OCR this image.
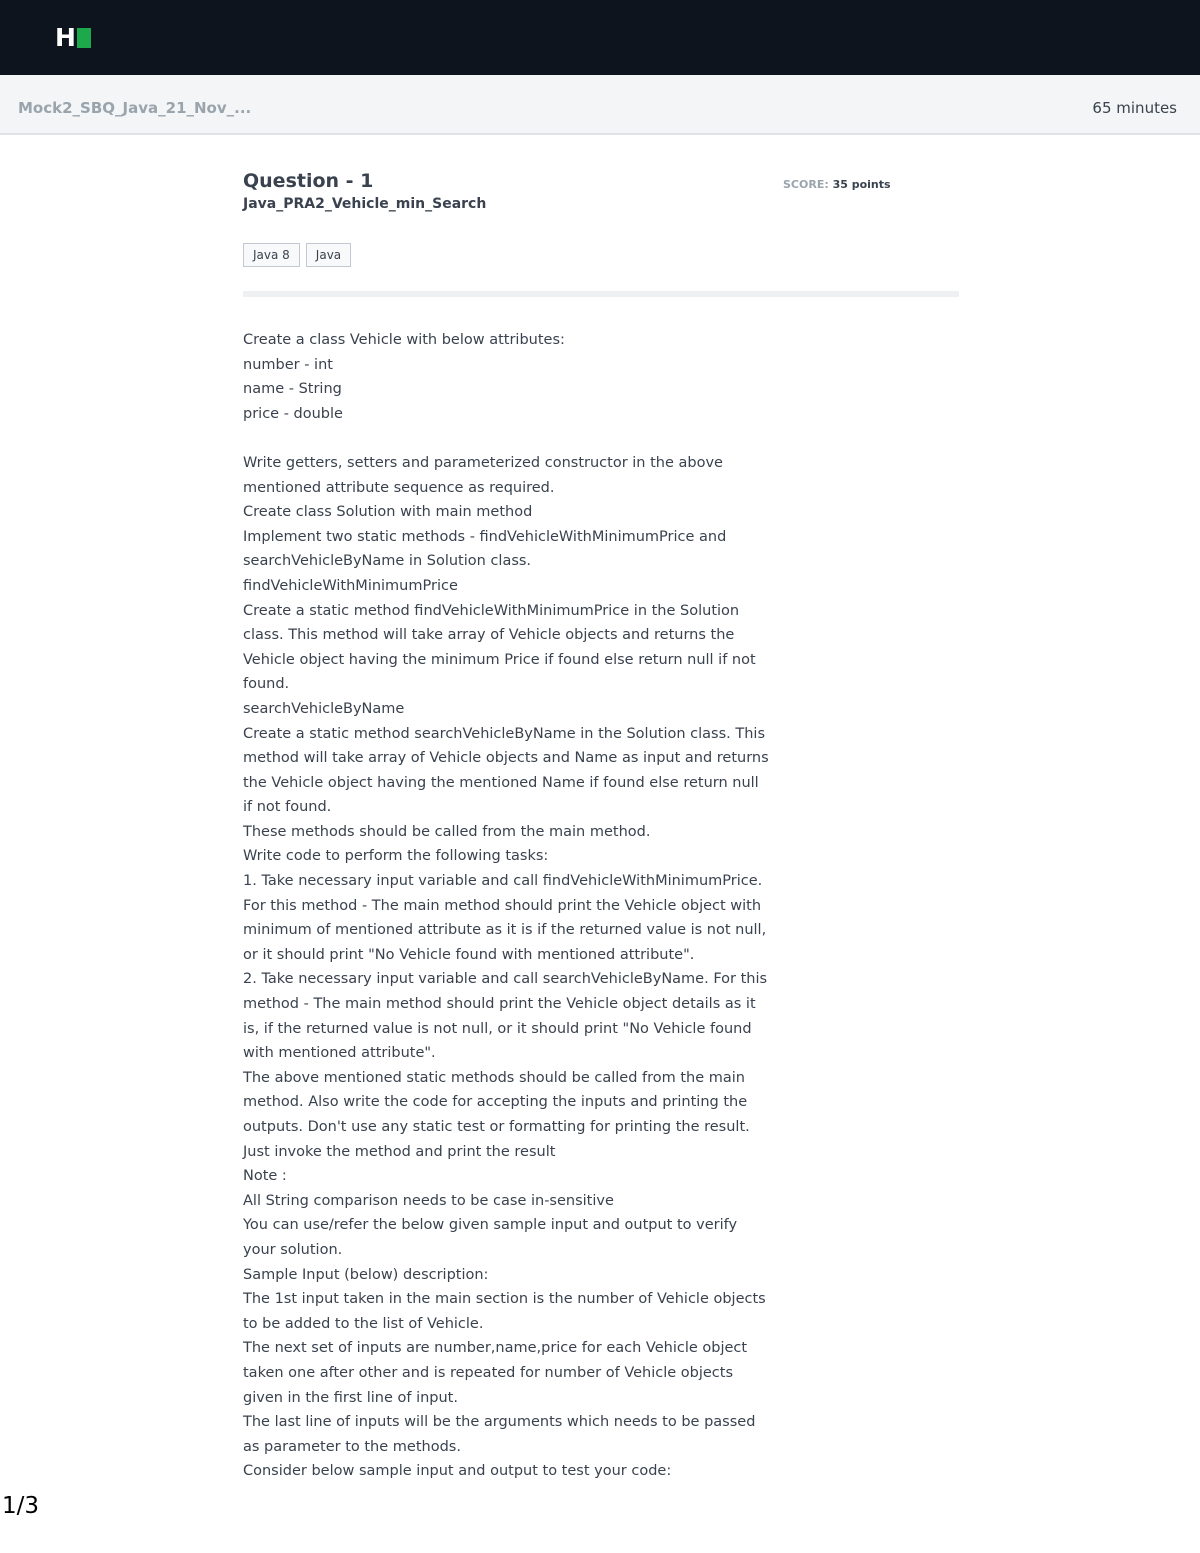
H
Mock2_SBQ_Java_21_Nov_...	65 minutes
Question - 1
Java_PRA2_Vehicle_min_Search
SCORE: 35 points
Java 8	Java
Create a class Vehicle with below attributes:
number - int
name - String
price - double
Write getters, setters and parameterized constructor in the above
mentioned attribute sequence as required.
Create class Solution with main method
Implement two static methods - findVehicleWithMinimumPrice and
searchVehicleByName in Solution class.
findVehicleWithMinimumPrice
Create a static method findVehicleWithMinimumPrice in the Solution
class. This method will take array of Vehicle objects and returns the
Vehicle object having the minimum Price if found else return null if not
found.
searchVehicleByName
Create a static method searchVehicleByName in the Solution class. This
method will take array of Vehicle objects and Name as input and returns
the Vehicle object having the mentioned Name if found else return null
if not found.
These methods should be called from the main method.
Write code to perform the following tasks:
1. Take necessary input variable and call findVehicleWithMinimumPrice.
For this method - The main method should print the Vehicle object with
minimum of mentioned attribute as it is if the returned value is not null,
or it should print "No Vehicle found with mentioned attribute".
2. Take necessary input variable and call searchVehicleByName. For this
method - The main method should print the Vehicle object details as it
is, if the returned value is not null, or it should print "No Vehicle found
with mentioned attribute".
The above mentioned static methods should be called from the main
method. Also write the code for accepting the inputs and printing the
outputs. Don't use any static test or formatting for printing the result.
Just invoke the method and print the result
Note :
All String comparison needs to be case in-sensitive
You can use/refer the below given sample input and output to verify
your solution.
Sample Input (below) description:
The 1st input taken in the main section is the number of Vehicle objects
to be added to the list of Vehicle.
The next set of inputs are number,name,price for each Vehicle object
taken one after other and is repeated for number of Vehicle objects
given in the first line of input.
The last line of inputs will be the arguments which needs to be passed
as parameter to the methods.
Consider below sample input and output to test your code:
1/3
